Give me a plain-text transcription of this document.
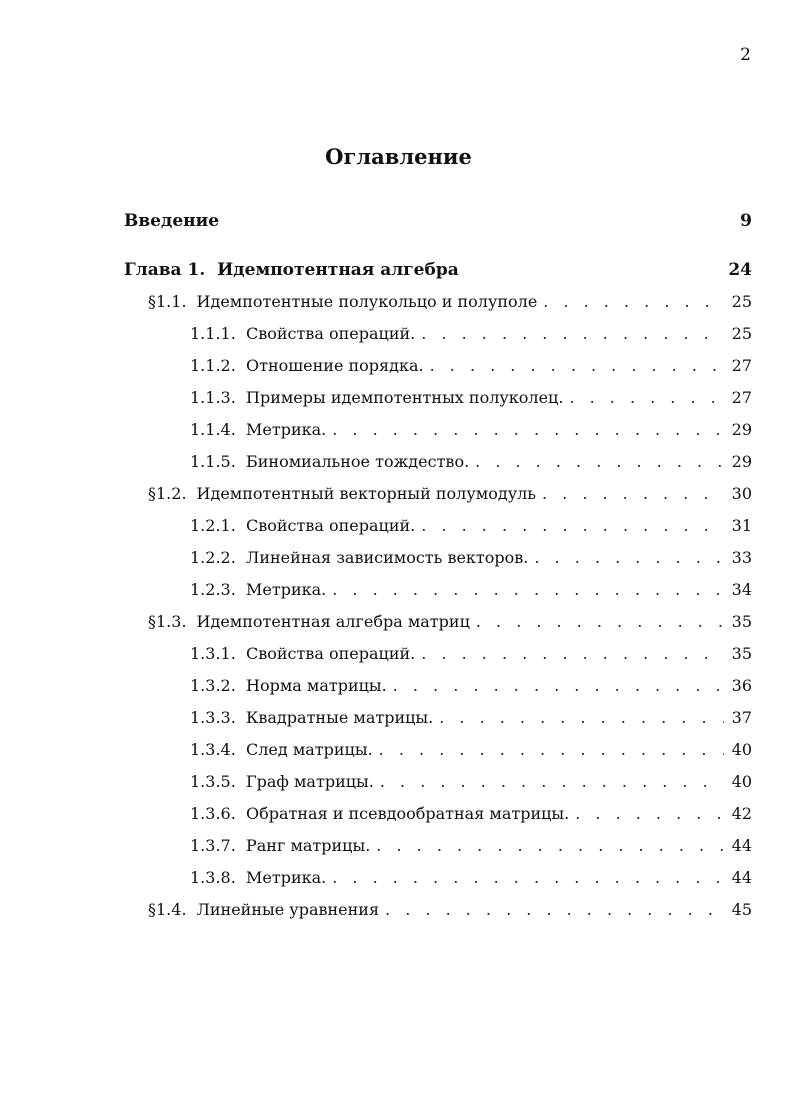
2
Оглавление
Введение	9
Глава 1. Идемпотентная алгебра	24
§1.1. Идемпотентные полукольцо и полуполе . . .	25
1.1.1. Свойства операций. . . .	25
1.1.2. Отношение порядка. . . .	27
1.1.3. Примеры идемпотентных полуколец. . . .	27
1.1.4. Метрика. . . .	29
1.1.5. Биномиальное тождество. . . .	29
§1.2. Идемпотентный векторный полумодуль . . .	30
1.2.1. Свойства операций. . . .	31
1.2.2. Линейная зависимость векторов. . . .	33
1.2.3. Метрика. . . .	34
§1.3. Идемпотентная алгебра матриц . . .	35
1.3.1. Свойства операций. . . .	35
1.3.2. Норма матрицы. . . .	36
1.3.3. Квадратные матрицы. . . .	37
1.3.4. След матрицы. . . .	40
1.3.5. Граф матрицы. . . .	40
1.3.6. Обратная и псевдообратная матрицы. . . .	42
1.3.7. Ранг матрицы. . . .	44
1.3.8. Метрика. . . .	44
§1.4. Линейные уравнения . . .	45
